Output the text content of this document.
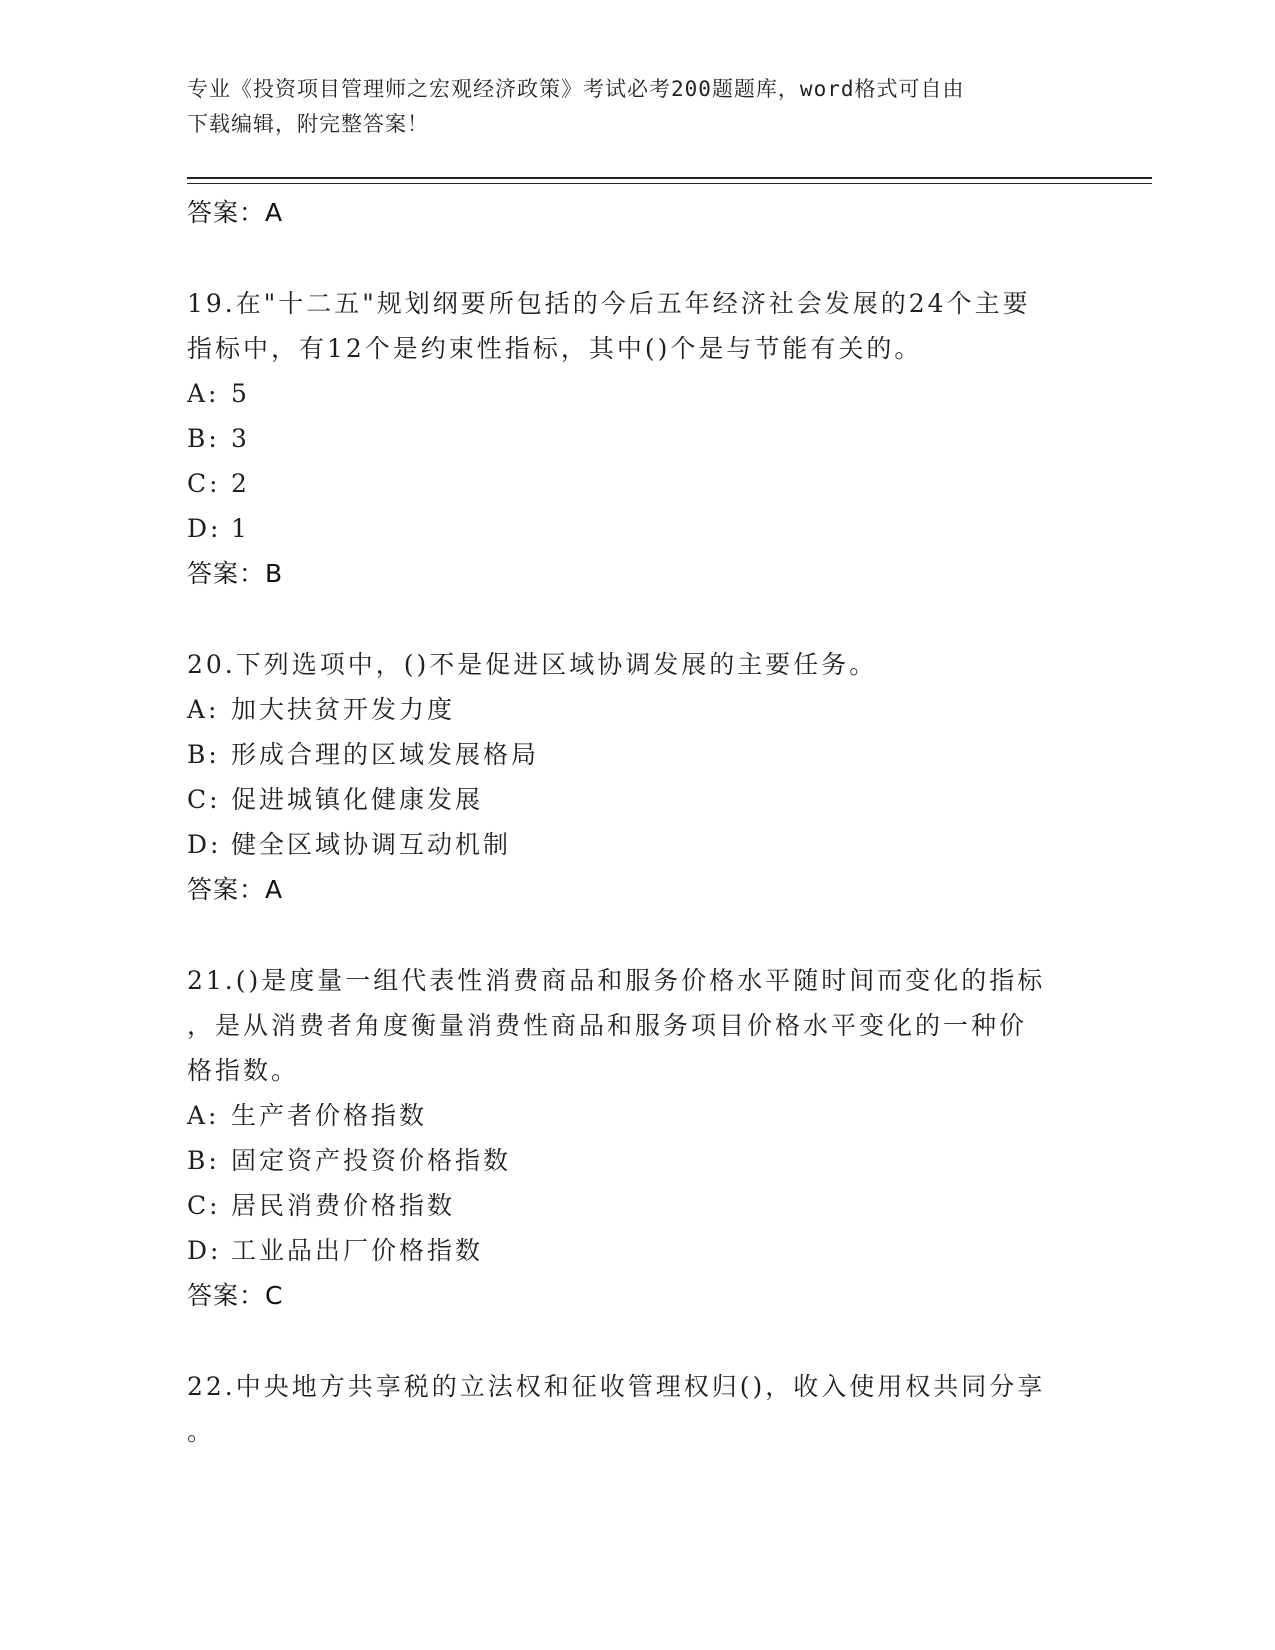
专业《投资项目管理师之宏观经济政策》考试必考200题题库，word格式可自由
下载编辑，附完整答案！
答案：A
19.在"十二五"规划纲要所包括的今后五年经济社会发展的24个主要
指标中，有12个是约束性指标，其中()个是与节能有关的。
A: 5
B: 3
C: 2
D: 1
答案：B
20.下列选项中，()不是促进区域协调发展的主要任务。
A: 加大扶贫开发力度
B: 形成合理的区域发展格局
C: 促进城镇化健康发展
D: 健全区域协调互动机制
答案：A
21.()是度量一组代表性消费商品和服务价格水平随时间而变化的指标
，是从消费者角度衡量消费性商品和服务项目价格水平变化的一种价
格指数。
A: 生产者价格指数
B: 固定资产投资价格指数
C: 居民消费价格指数
D: 工业品出厂价格指数
答案：C
22.中央地方共享税的立法权和征收管理权归()，收入使用权共同分享
。
